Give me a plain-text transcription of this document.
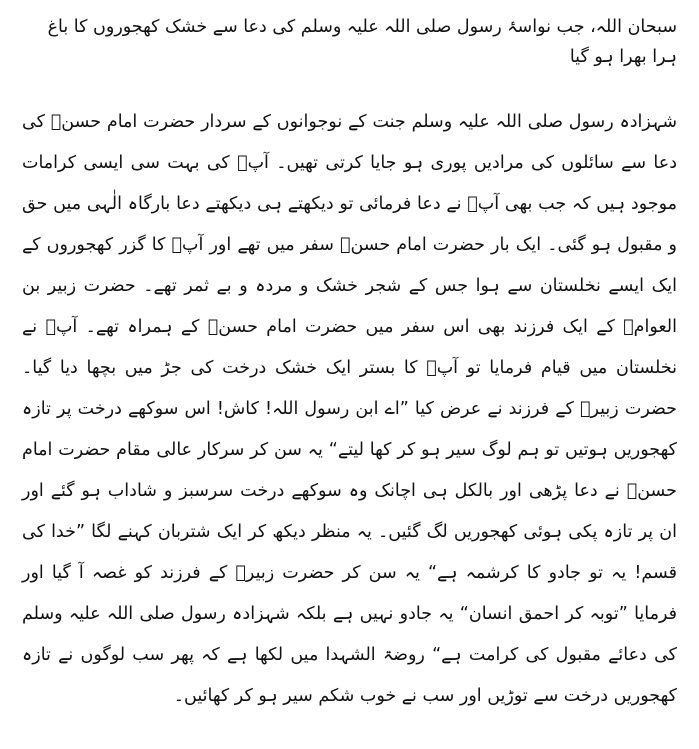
سبحان اللہ، جب نواسۂ رسول صلی اللہ علیہ وسلم کی دعا سے خشک کھجوروں کا باغ ہرا بھرا ہو گیا

شہزادہ رسول صلی اللہ علیہ وسلم جنت کے نوجوانوں کے سردار حضرت امام حسنؓ کی دعا سے سائلوں کی مرادیں پوری ہو جایا کرتی تھیں۔ آپؓ کی بہت سی ایسی کرامات موجود ہیں کہ جب بھی آپؓ نے دعا فرمائی تو دیکھتے ہی دیکھتے دعا بارگاہ الٰہی میں حق و مقبول ہو گئی۔ ایک بار حضرت امام حسنؓ سفر میں تھے اور آپؓ کا گزر کھجوروں کے ایک ایسے نخلستان سے ہوا جس کے شجر خشک و مردہ و بے ثمر تھے۔ حضرت زبیر بن العوامؓ کے ایک فرزند بھی اس سفر میں حضرت امام حسنؓ کے ہمراہ تھے۔ آپؓ نے نخلستان میں قیام فرمایا تو آپؓ کا بستر ایک خشک درخت کی جڑ میں بچھا دیا گیا۔ حضرت زبیرؓ کے فرزند نے عرض کیا ”اے ابن رسول اللہ! کاش! اس سوکھے درخت پر تازہ کھجوریں ہوتیں تو ہم لوگ سیر ہو کر کھا لیتے“ یہ سن کر سرکار عالی مقام حضرت امام حسنؓ نے دعا پڑھی اور بالکل ہی اچانک وہ سوکھے درخت سرسبز و شاداب ہو گئے اور ان پر تازہ پکی ہوئی کھجوریں لگ گئیں۔ یہ منظر دیکھ کر ایک شتربان کہنے لگا ”خدا کی قسم! یہ تو جادو کا کرشمہ ہے“ یہ سن کر حضرت زبیرؓ کے فرزند کو غصہ آ گیا اور فرمایا ”توبہ کر احمق انسان“ یہ جادو نہیں ہے بلکہ شہزادہ رسول صلی اللہ علیہ وسلم کی دعائے مقبول کی کرامت ہے“ روضۃ الشہدا میں لکھا ہے کہ پھر سب لوگوں نے تازہ کھجوریں درخت سے توڑیں اور سب نے خوب شکم سیر ہو کر کھائیں۔
